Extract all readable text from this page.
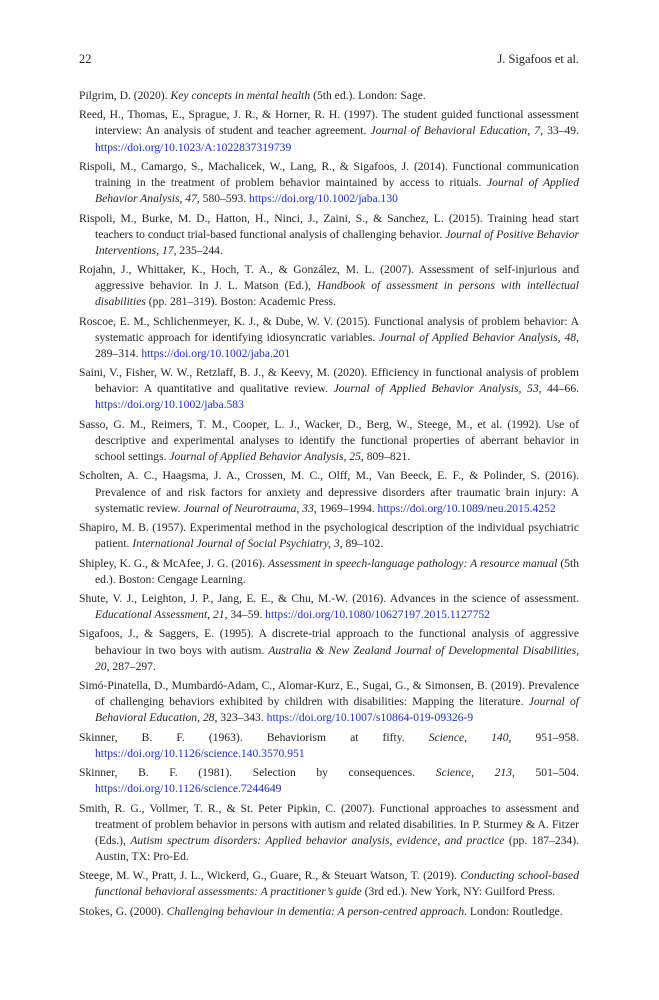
22	J. Sigafoos et al.

Pilgrim, D. (2020). Key concepts in mental health (5th ed.). London: Sage.

Reed, H., Thomas, E., Sprague, J. R., & Horner, R. H. (1997). The student guided functional assessment interview: An analysis of student and teacher agreement. Journal of Behavioral Education, 7, 33–49. https://doi.org/10.1023/A:1022837319739

Rispoli, M., Camargo, S., Machalicek, W., Lang, R., & Sigafoos, J. (2014). Functional communication training in the treatment of problem behavior maintained by access to rituals. Journal of Applied Behavior Analysis, 47, 580–593. https://doi.org/10.1002/jaba.130

Rispoli, M., Burke, M. D., Hatton, H., Ninci, J., Zaini, S., & Sanchez, L. (2015). Training head start teachers to conduct trial-based functional analysis of challenging behavior. Journal of Positive Behavior Interventions, 17, 235–244.

Rojahn, J., Whittaker, K., Hoch, T. A., & González, M. L. (2007). Assessment of self-injurious and aggressive behavior. In J. L. Matson (Ed.), Handbook of assessment in persons with intellectual disabilities (pp. 281–319). Boston: Academic Press.

Roscoe, E. M., Schlichenmeyer, K. J., & Dube, W. V. (2015). Functional analysis of problem behavior: A systematic approach for identifying idiosyncratic variables. Journal of Applied Behavior Analysis, 48, 289–314. https://doi.org/10.1002/jaba.201

Saini, V., Fisher, W. W., Retzlaff, B. J., & Keevy, M. (2020). Efficiency in functional analysis of problem behavior: A quantitative and qualitative review. Journal of Applied Behavior Analysis, 53, 44–66. https://doi.org/10.1002/jaba.583

Sasso, G. M., Reimers, T. M., Cooper, L. J., Wacker, D., Berg, W., Steege, M., et al. (1992). Use of descriptive and experimental analyses to identify the functional properties of aberrant behavior in school settings. Journal of Applied Behavior Analysis, 25, 809–821.

Scholten, A. C., Haagsma, J. A., Crossen, M. C., Olff, M., Van Beeck, E. F., & Polinder, S. (2016). Prevalence of and risk factors for anxiety and depressive disorders after traumatic brain injury: A systematic review. Journal of Neurotrauma, 33, 1969–1994. https://doi.org/10.1089/neu.2015.4252

Shapiro, M. B. (1957). Experimental method in the psychological description of the individual psychiatric patient. International Journal of Social Psychiatry, 3, 89–102.

Shipley, K. G., & McAfee, J. G. (2016). Assessment in speech-language pathology: A resource manual (5th ed.). Boston: Cengage Learning.

Shute, V. J., Leighton, J. P., Jang, E. E., & Chu, M.-W. (2016). Advances in the science of assessment. Educational Assessment, 21, 34–59. https://doi.org/10.1080/10627197.2015.1127752

Sigafoos, J., & Saggers, E. (1995). A discrete-trial approach to the functional analysis of aggressive behaviour in two boys with autism. Australia & New Zealand Journal of Developmental Disabilities, 20, 287–297.

Simó-Pinatella, D., Mumbardó-Adam, C., Alomar-Kurz, E., Sugai, G., & Simonsen, B. (2019). Prevalence of challenging behaviors exhibited by children with disabilities: Mapping the literature. Journal of Behavioral Education, 28, 323–343. https://doi.org/10.1007/s10864-019-09326-9

Skinner, B. F. (1963). Behaviorism at fifty. Science, 140, 951–958. https://doi.org/10.1126/science.140.3570.951

Skinner, B. F. (1981). Selection by consequences. Science, 213, 501–504. https://doi.org/10.1126/science.7244649

Smith, R. G., Vollmer, T. R., & St. Peter Pipkin, C. (2007). Functional approaches to assessment and treatment of problem behavior in persons with autism and related disabilities. In P. Sturmey & A. Fitzer (Eds.), Autism spectrum disorders: Applied behavior analysis, evidence, and practice (pp. 187–234). Austin, TX: Pro-Ed.

Steege, M. W., Pratt, J. L., Wickerd, G., Guare, R., & Steuart Watson, T. (2019). Conducting school-based functional behavioral assessments: A practitioner’s guide (3rd ed.). New York, NY: Guilford Press.

Stokes, G. (2000). Challenging behaviour in dementia: A person-centred approach. London: Routledge.
